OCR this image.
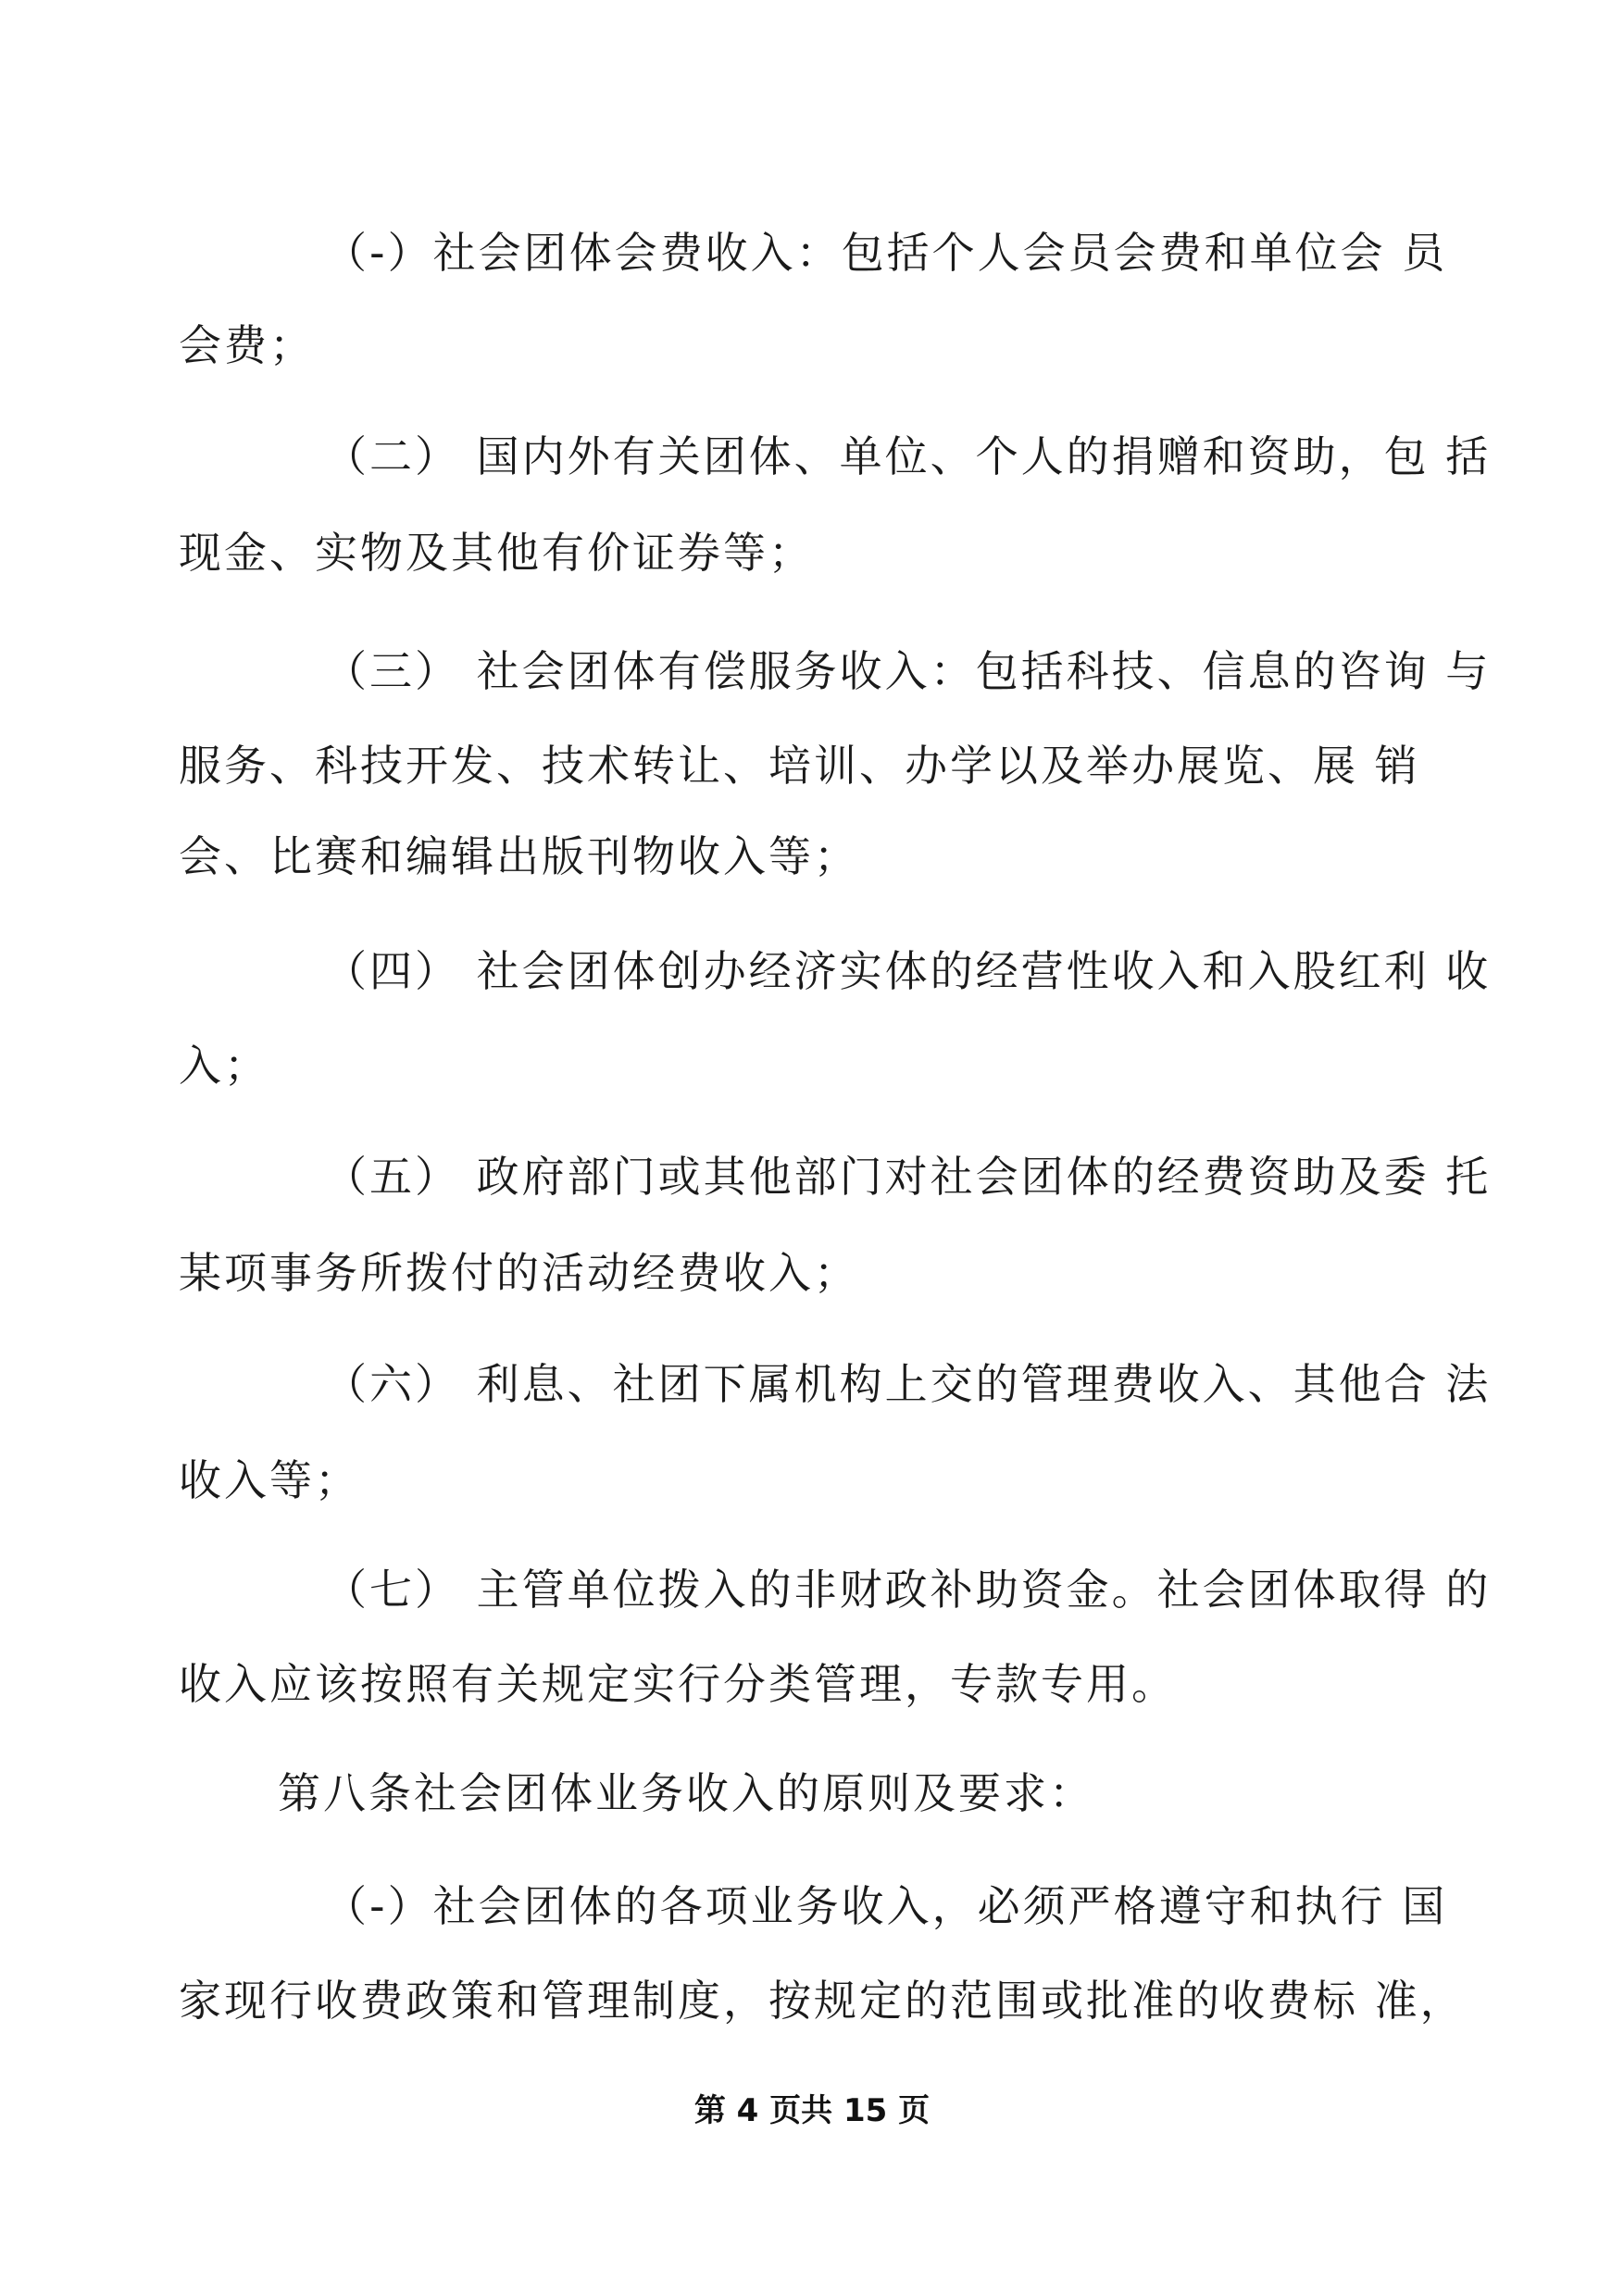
（-）社会团体会费收入：包括个人会员会费和单位会 员

会费；

（二） 国内外有关团体、单位、个人的捐赠和资助，包 括

现金、实物及其他有价证券等；

（三） 社会团体有偿服务收入：包括科技、信息的咨询 与

服务、科技开发、技术转让、培训、办学以及举办展览、展 销

会、比赛和编辑出版刊物收入等；

（四） 社会团体创办经济实体的经营性收入和入股红利 收

入；

（五） 政府部门或其他部门对社会团体的经费资助及委 托

某项事务所拨付的活动经费收入；

（六） 利息、社团下属机构上交的管理费收入、其他合 法

收入等；

（七） 主管单位拨入的非财政补助资金。社会团体取得 的

收入应该按照有关规定实行分类管理，专款专用。

第八条社会团体业务收入的原则及要求：

（-）社会团体的各项业务收入，必须严格遵守和执行 国

家现行收费政策和管理制度，按规定的范围或批准的收费标 准，

第 4 页共 15 页
